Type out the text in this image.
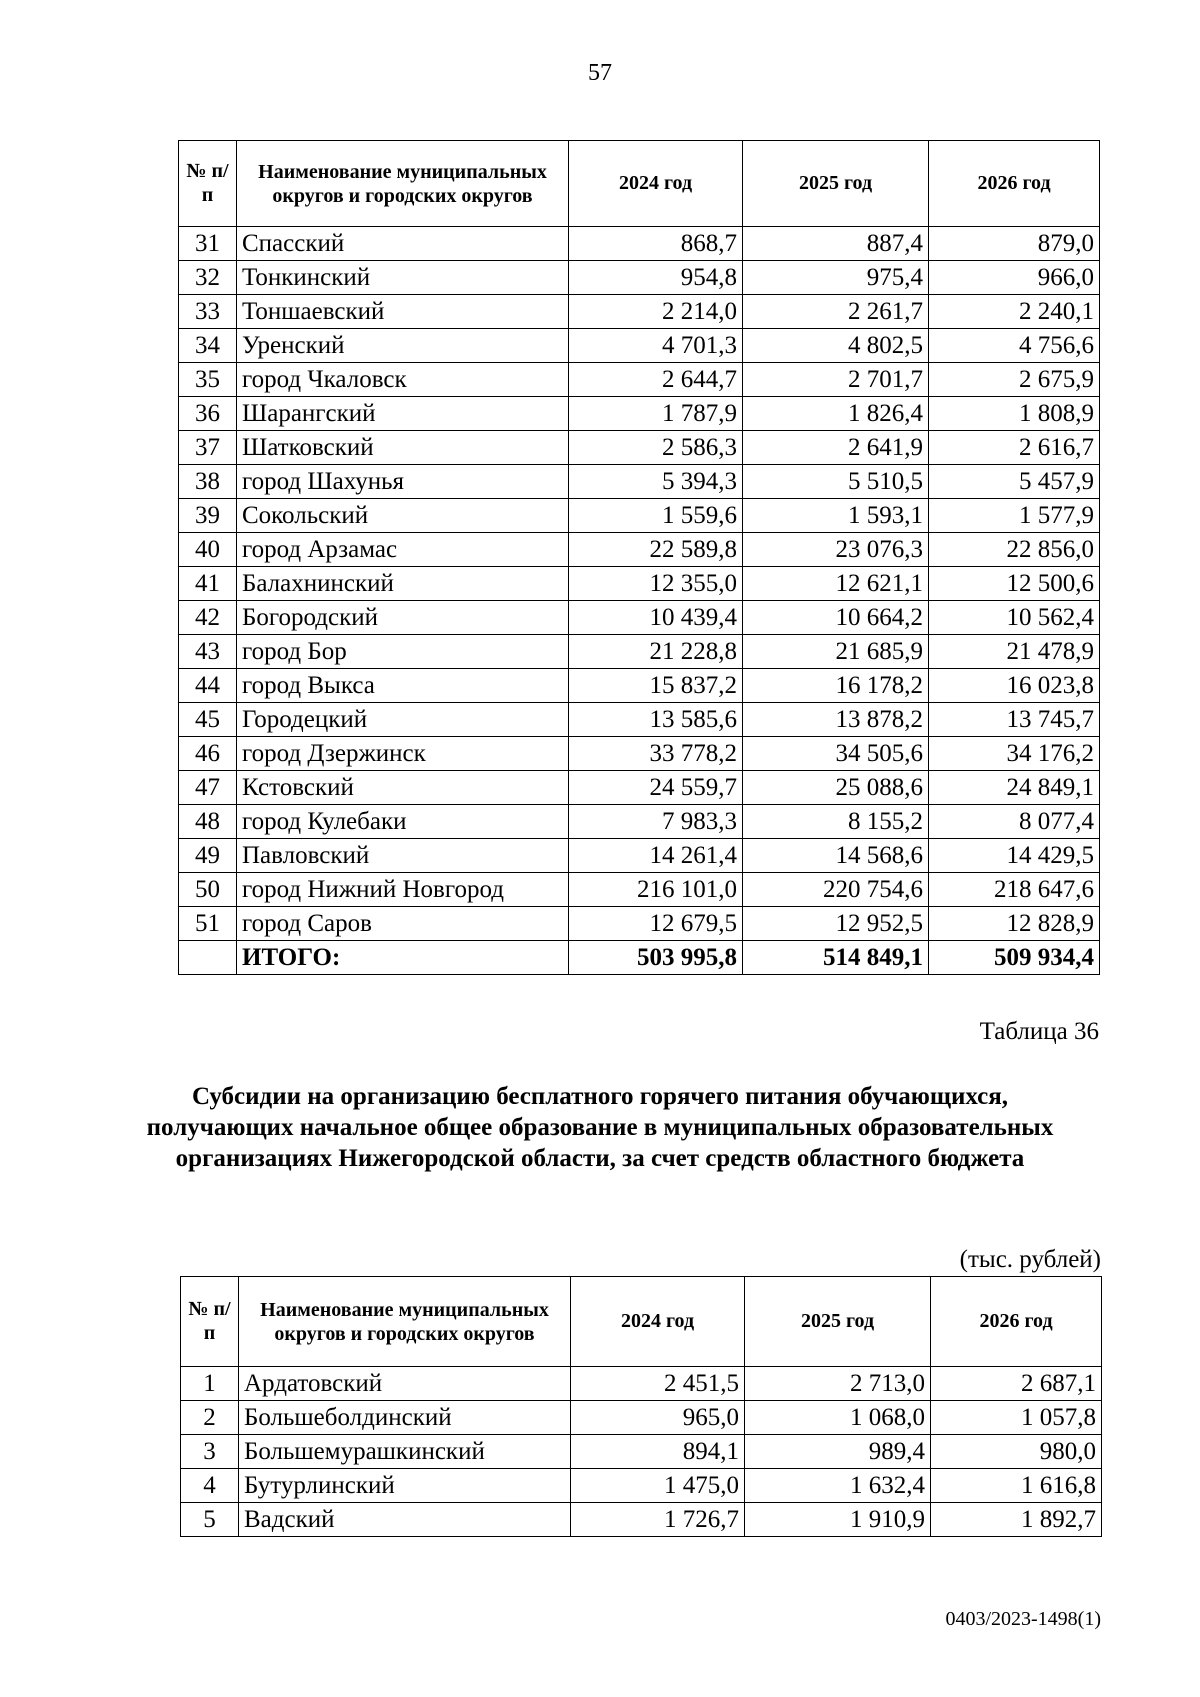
57
№ п/п	Наименование муниципальных округов и городских округов	2024 год	2025 год	2026 год
31	Спасский	868,7	887,4	879,0
32	Тонкинский	954,8	975,4	966,0
33	Тоншаевский	2 214,0	2 261,7	2 240,1
34	Уренский	4 701,3	4 802,5	4 756,6
35	город Чкаловск	2 644,7	2 701,7	2 675,9
36	Шарангский	1 787,9	1 826,4	1 808,9
37	Шатковский	2 586,3	2 641,9	2 616,7
38	город Шахунья	5 394,3	5 510,5	5 457,9
39	Сокольский	1 559,6	1 593,1	1 577,9
40	город Арзамас	22 589,8	23 076,3	22 856,0
41	Балахнинский	12 355,0	12 621,1	12 500,6
42	Богородский	10 439,4	10 664,2	10 562,4
43	город Бор	21 228,8	21 685,9	21 478,9
44	город Выкса	15 837,2	16 178,2	16 023,8
45	Городецкий	13 585,6	13 878,2	13 745,7
46	город Дзержинск	33 778,2	34 505,6	34 176,2
47	Кстовский	24 559,7	25 088,6	24 849,1
48	город Кулебаки	7 983,3	8 155,2	8 077,4
49	Павловский	14 261,4	14 568,6	14 429,5
50	город Нижний Новгород	216 101,0	220 754,6	218 647,6
51	город Саров	12 679,5	12 952,5	12 828,9
	ИТОГО:	503 995,8	514 849,1	509 934,4
Таблица 36
Субсидии на организацию бесплатного горячего питания обучающихся, получающих начальное общее образование в муниципальных образовательных организациях Нижегородской области, за счет средств областного бюджета
(тыс. рублей)
№ п/п	Наименование муниципальных округов и городских округов	2024 год	2025 год	2026 год
1	Ардатовский	2 451,5	2 713,0	2 687,1
2	Большеболдинский	965,0	1 068,0	1 057,8
3	Большемурашкинский	894,1	989,4	980,0
4	Бутурлинский	1 475,0	1 632,4	1 616,8
5	Вадский	1 726,7	1 910,9	1 892,7
0403/2023-1498(1)
